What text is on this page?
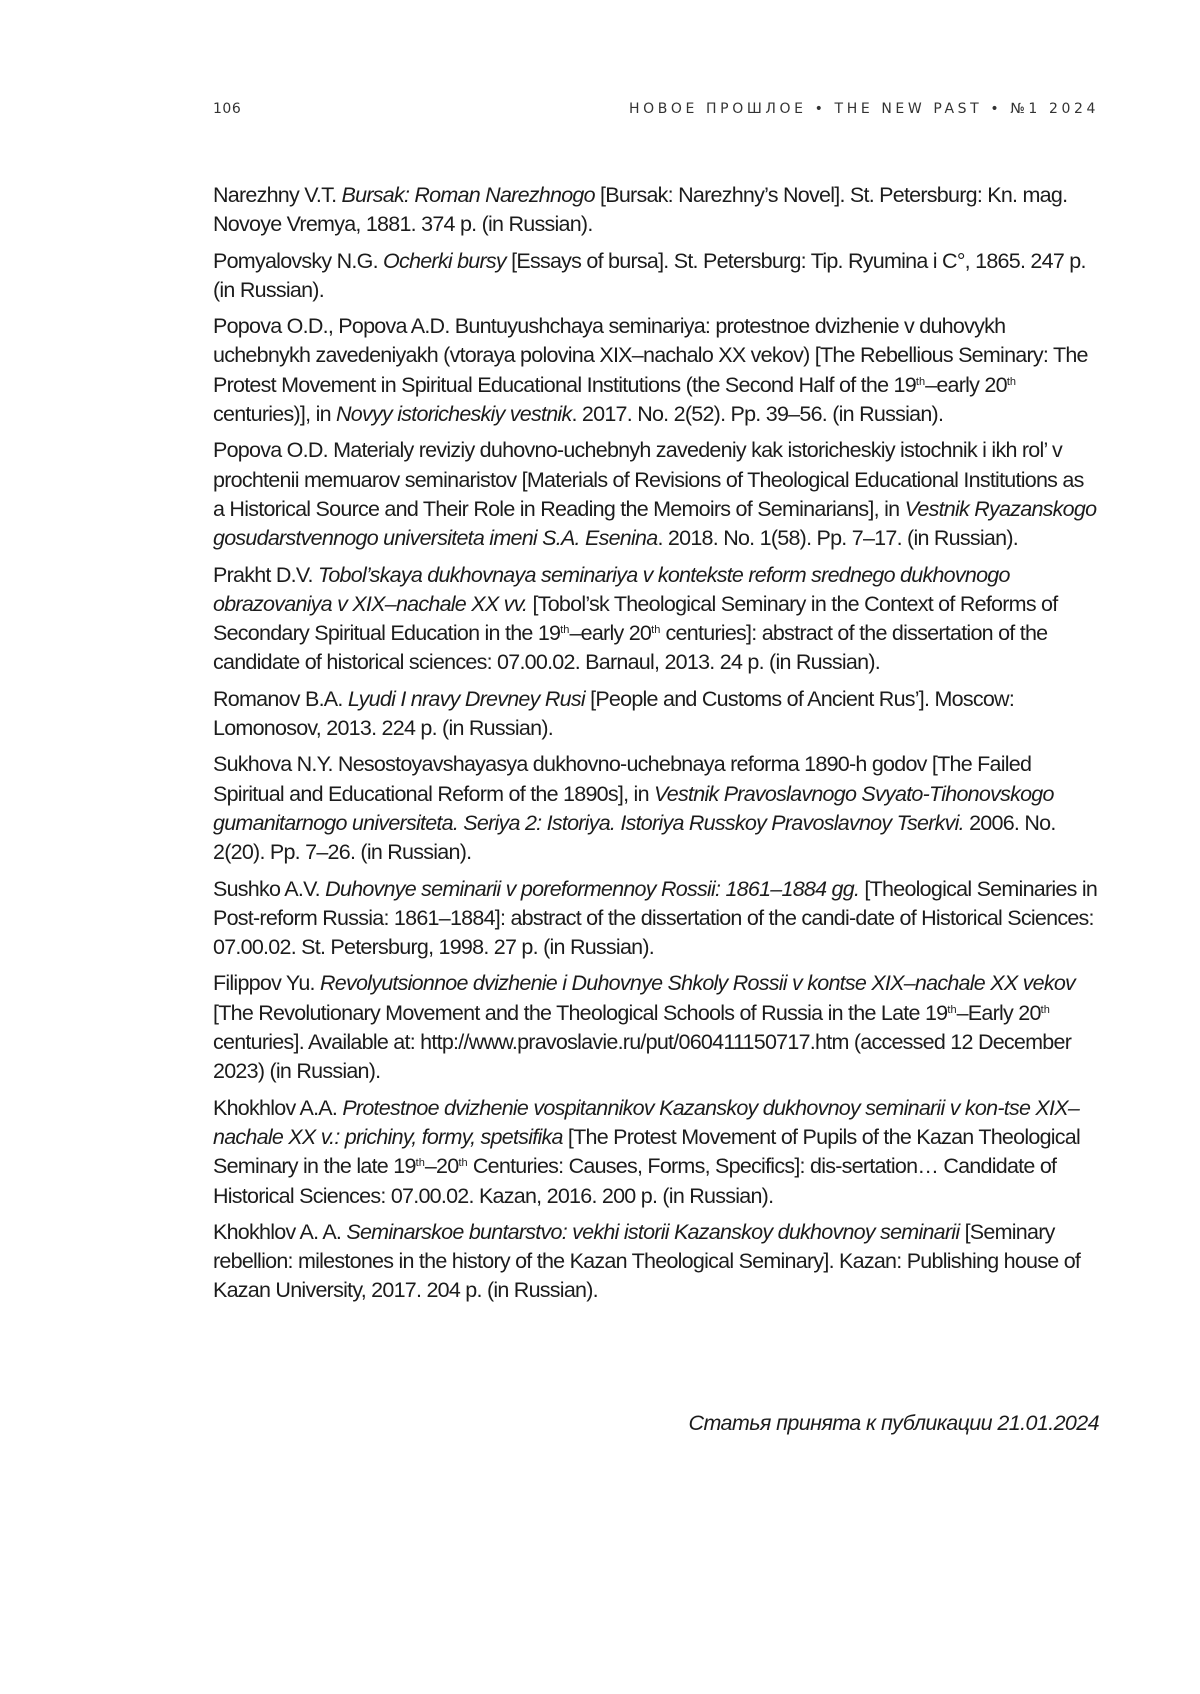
106	НОВОЕ ПРОШЛОЕ • THE NEW PAST • №1 2024

Narezhny V.T. Bursak: Roman Narezhnogo [Bursak: Narezhny’s Novel]. St. Petersburg: Kn. mag. Novoye Vremya, 1881. 374 p. (in Russian).

Pomyalovsky N.G. Ocherki bursy [Essays of bursa]. St. Petersburg: Tip. Ryumina i C°, 1865. 247 p. (in Russian).

Popova O.D., Popova A.D. Buntuyushchaya seminariya: protestnoe dvizhenie v duhovykh uchebnykh zavedeniyakh (vtoraya polovina XIX–nachalo XX vekov) [The Rebellious Seminary: The Protest Movement in Spiritual Educational Institutions (the Second Half of the 19th–early 20th centuries)], in Novyy istoricheskiy vestnik. 2017. No. 2(52). Pp. 39–56. (in Russian).

Popova O.D. Materialy reviziy duhovno-uchebnyh zavedeniy kak istoricheskiy istochnik i ikh rol’ v prochtenii memuarov seminaristov [Materials of Revisions of Theological Educational Institutions as a Historical Source and Their Role in Reading the Memoirs of Seminarians], in Vestnik Ryazanskogo gosudarstvennogo universiteta imeni S.A. Esenina. 2018. No. 1(58). Pp. 7–17. (in Russian).

Prakht D.V. Tobol’skaya dukhovnaya seminariya v kontekste reform srednego dukhovnogo obrazovaniya v XIX–nachale XX vv. [Tobol’sk Theological Seminary in the Context of Reforms of Secondary Spiritual Education in the 19th–early 20th centuries]: abstract of the dissertation of the candidate of historical sciences: 07.00.02. Barnaul, 2013. 24 p. (in Russian).

Romanov B.A. Lyudi I nravy Drevney Rusi [People and Customs of Ancient Rus’]. Moscow: Lomonosov, 2013. 224 p. (in Russian).

Sukhova N.Y. Nesostoyavshayasya dukhovno-uchebnaya reforma 1890-h godov [The Failed Spiritual and Educational Reform of the 1890s], in Vestnik Pravoslavnogo Svyato-Tihonovskogo gumanitarnogo universiteta. Seriya 2: Istoriya. Istoriya Russkoy Pravoslavnoy Tserkvi. 2006. No. 2(20). Pp. 7–26. (in Russian).

Sushko A.V. Duhovnye seminarii v poreformennoy Rossii: 1861–1884 gg. [Theological Seminaries in Post-reform Russia: 1861–1884]: abstract of the dissertation of the candi-date of Historical Sciences: 07.00.02. St. Petersburg, 1998. 27 p. (in Russian).

Filippov Yu. Revolyutsionnoe dvizhenie i Duhovnye Shkoly Rossii v kontse XIX–nachale XX vekov [The Revolutionary Movement and the Theological Schools of Russia in the Late 19th–Early 20th centuries]. Available at: http://www.pravoslavie.ru/put/060411150717.htm (accessed 12 December 2023) (in Russian).

Khokhlov A.A. Protestnoe dvizhenie vospitannikov Kazanskoy dukhovnoy seminarii v kon-tse XIX–nachale XX v.: prichiny, formy, spetsifika [The Protest Movement of Pupils of the Kazan Theological Seminary in the late 19th–20th Centuries: Causes, Forms, Specifics]: dis-sertation… Candidate of Historical Sciences: 07.00.02. Kazan, 2016. 200 p. (in Russian).

Khokhlov A. A. Seminarskoe buntarstvo: vekhi istorii Kazanskoy dukhovnoy seminarii [Seminary rebellion: milestones in the history of the Kazan Theological Seminary]. Kazan: Publishing house of Kazan University, 2017. 204 p. (in Russian).

Статья принята к публикации 21.01.2024
